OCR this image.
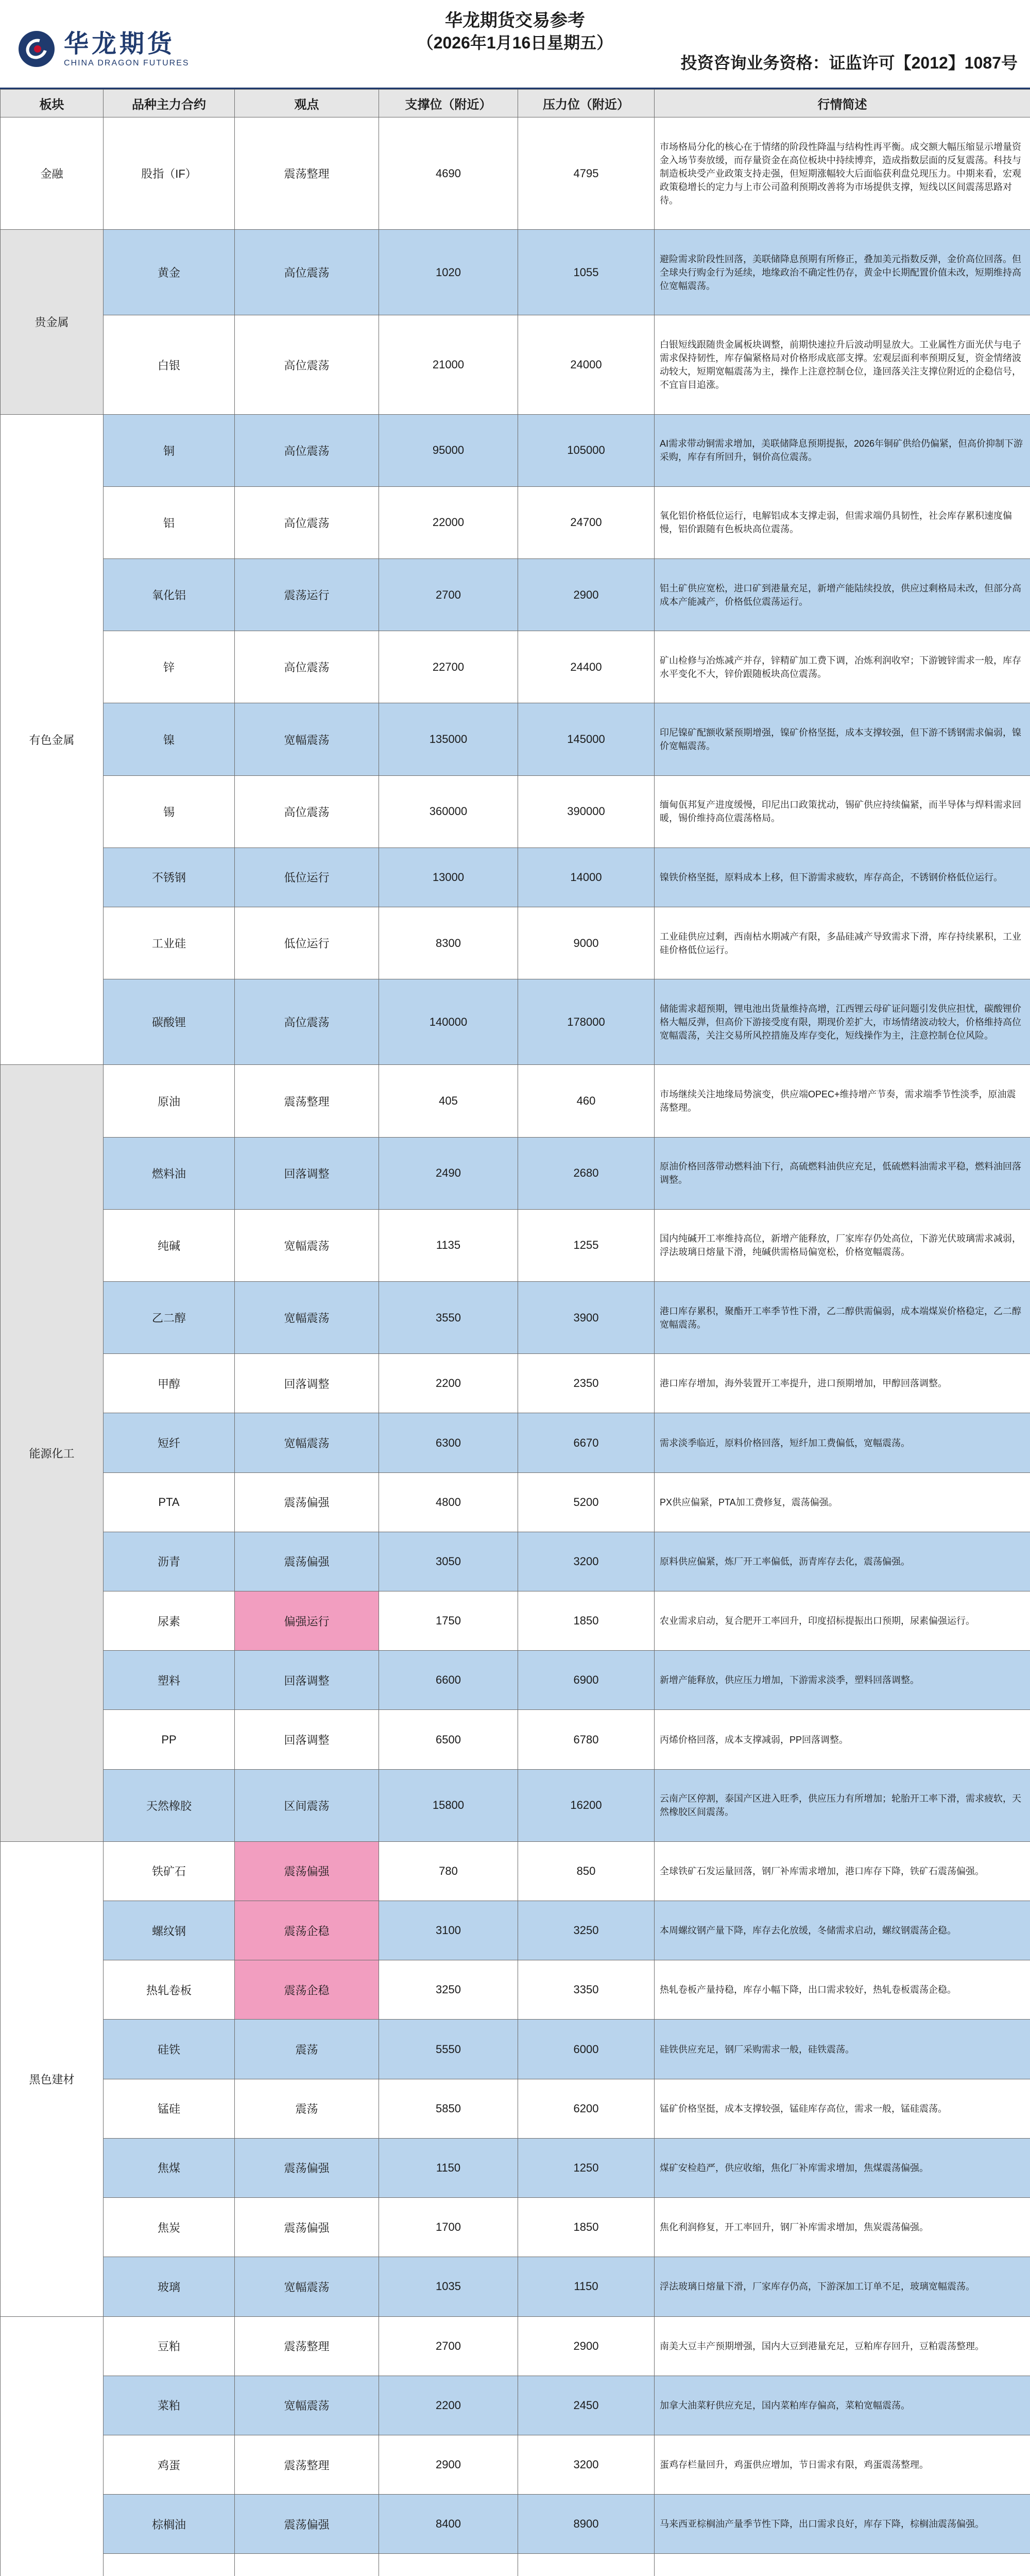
华龙期货
CHINA DRAGON FUTURES
华龙期货交易参考
（2026年1月16日星期五）
投资咨询业务资格：证监许可【2012】1087号
板块	品种主力合约	观点	支撑位（附近）	压力位（附近）	行情简述
金融	股指（IF）	震荡整理	4690	4795	市场格局分化的核心在于情绪的阶段性降温与结构性再平衡。成交额大幅压缩显示增量资金入场节奏放缓，而存量资金在高位板块中持续博弈，造成指数层面的反复震荡。科技与制造板块受产业政策支持走强，但短期涨幅较大后面临获利盘兑现压力。中期来看，宏观政策稳增长的定力与上市公司盈利预期改善将为市场提供支撑，短线以区间震荡思路对待。
贵金属	黄金	高位震荡	1020	1055	避险需求阶段性回落，美联储降息预期有所修正，叠加美元指数反弹，金价高位回落。但全球央行购金行为延续，地缘政治不确定性仍存，黄金中长期配置价值未改，短期维持高位宽幅震荡。
	白银	高位震荡	21000	24000	白银短线跟随贵金属板块调整，前期快速拉升后波动明显放大。工业属性方面光伏与电子需求保持韧性，库存偏紧格局对价格形成底部支撑。宏观层面利率预期反复，资金情绪波动较大，短期宽幅震荡为主，操作上注意控制仓位，逢回落关注支撑位附近的企稳信号，不宜盲目追涨。
有色金属	铜	高位震荡	95000	105000	AI需求带动铜需求增加，美联储降息预期提振，2026年铜矿供给仍偏紧，但高价抑制下游采购，库存有所回升，铜价高位震荡。
	铝	高位震荡	22000	24700	氧化铝价格低位运行，电解铝成本支撑走弱，但需求端仍具韧性，社会库存累积速度偏慢，铝价跟随有色板块高位震荡。
	氧化铝	震荡运行	2700	2900	铝土矿供应宽松，进口矿到港量充足，新增产能陆续投放，供应过剩格局未改，但部分高成本产能减产，价格低位震荡运行。
	锌	高位震荡	22700	24400	矿山检修与冶炼减产并存，锌精矿加工费下调，冶炼利润收窄；下游镀锌需求一般，库存水平变化不大，锌价跟随板块高位震荡。
	镍	宽幅震荡	135000	145000	印尼镍矿配额收紧预期增强，镍矿价格坚挺，成本支撑较强，但下游不锈钢需求偏弱，镍价宽幅震荡。
	锡	高位震荡	360000	390000	缅甸佤邦复产进度缓慢，印尼出口政策扰动，锡矿供应持续偏紧，而半导体与焊料需求回暖，锡价维持高位震荡格局。
	不锈钢	低位运行	13000	14000	镍铁价格坚挺，原料成本上移，但下游需求疲软，库存高企，不锈钢价格低位运行。
	工业硅	低位运行	8300	9000	工业硅供应过剩，西南枯水期减产有限，多晶硅减产导致需求下滑，库存持续累积，工业硅价格低位运行。
	碳酸锂	高位震荡	140000	178000	储能需求超预期，锂电池出货量维持高增，江西锂云母矿证问题引发供应担忧，碳酸锂价格大幅反弹，但高价下游接受度有限，期现价差扩大，市场情绪波动较大，价格维持高位宽幅震荡，关注交易所风控措施及库存变化，短线操作为主，注意控制仓位风险。
能源化工	原油	震荡整理	405	460	市场继续关注地缘局势演变，供应端OPEC+维持增产节奏，需求端季节性淡季，原油震荡整理。
	燃料油	回落调整	2490	2680	原油价格回落带动燃料油下行，高硫燃料油供应充足，低硫燃料油需求平稳，燃料油回落调整。
	纯碱	宽幅震荡	1135	1255	国内纯碱开工率维持高位，新增产能释放，厂家库存仍处高位，下游光伏玻璃需求减弱，浮法玻璃日熔量下滑，纯碱供需格局偏宽松，价格宽幅震荡。
	乙二醇	宽幅震荡	3550	3900	港口库存累积，聚酯开工率季节性下滑，乙二醇供需偏弱，成本端煤炭价格稳定，乙二醇宽幅震荡。
	甲醇	回落调整	2200	2350	港口库存增加，海外装置开工率提升，进口预期增加，甲醇回落调整。
	短纤	宽幅震荡	6300	6670	需求淡季临近，原料价格回落，短纤加工费偏低，宽幅震荡。
	PTA	震荡偏强	4800	5200	PX供应偏紧，PTA加工费修复，震荡偏强。
	沥青	震荡偏强	3050	3200	原料供应偏紧，炼厂开工率偏低，沥青库存去化，震荡偏强。
	尿素	偏强运行	1750	1850	农业需求启动，复合肥开工率回升，印度招标提振出口预期，尿素偏强运行。
	塑料	回落调整	6600	6900	新增产能释放，供应压力增加，下游需求淡季，塑料回落调整。
	PP	回落调整	6500	6780	丙烯价格回落，成本支撑减弱，PP回落调整。
	天然橡胶	区间震荡	15800	16200	云南产区停割，泰国产区进入旺季，供应压力有所增加；轮胎开工率下滑，需求疲软，天然橡胶区间震荡。
黑色建材	铁矿石	震荡偏强	780	850	全球铁矿石发运量回落，钢厂补库需求增加，港口库存下降，铁矿石震荡偏强。
	螺纹钢	震荡企稳	3100	3250	本周螺纹钢产量下降，库存去化放缓，冬储需求启动，螺纹钢震荡企稳。
	热轧卷板	震荡企稳	3250	3350	热轧卷板产量持稳，库存小幅下降，出口需求较好，热轧卷板震荡企稳。
	硅铁	震荡	5550	6000	硅铁供应充足，钢厂采购需求一般，硅铁震荡。
	锰硅	震荡	5850	6200	锰矿价格坚挺，成本支撑较强，锰硅库存高位，需求一般，锰硅震荡。
	焦煤	震荡偏强	1150	1250	煤矿安检趋严，供应收缩，焦化厂补库需求增加，焦煤震荡偏强。
	焦炭	震荡偏强	1700	1850	焦化利润修复，开工率回升，钢厂补库需求增加，焦炭震荡偏强。
	玻璃	宽幅震荡	1035	1150	浮法玻璃日熔量下滑，厂家库存仍高，下游深加工订单不足，玻璃宽幅震荡。
	豆粕	震荡整理	2700	2900	南美大豆丰产预期增强，国内大豆到港量充足，豆粕库存回升，豆粕震荡整理。
	菜粕	宽幅震荡	2200	2450	加拿大油菜籽供应充足，国内菜粕库存偏高，菜粕宽幅震荡。
	鸡蛋	震荡整理	2900	3200	蛋鸡存栏量回升，鸡蛋供应增加，节日需求有限，鸡蛋震荡整理。
	棕榈油	震荡偏强	8400	8900	马来西亚棕榈油产量季节性下降，出口需求良好，库存下降，棕榈油震荡偏强。
